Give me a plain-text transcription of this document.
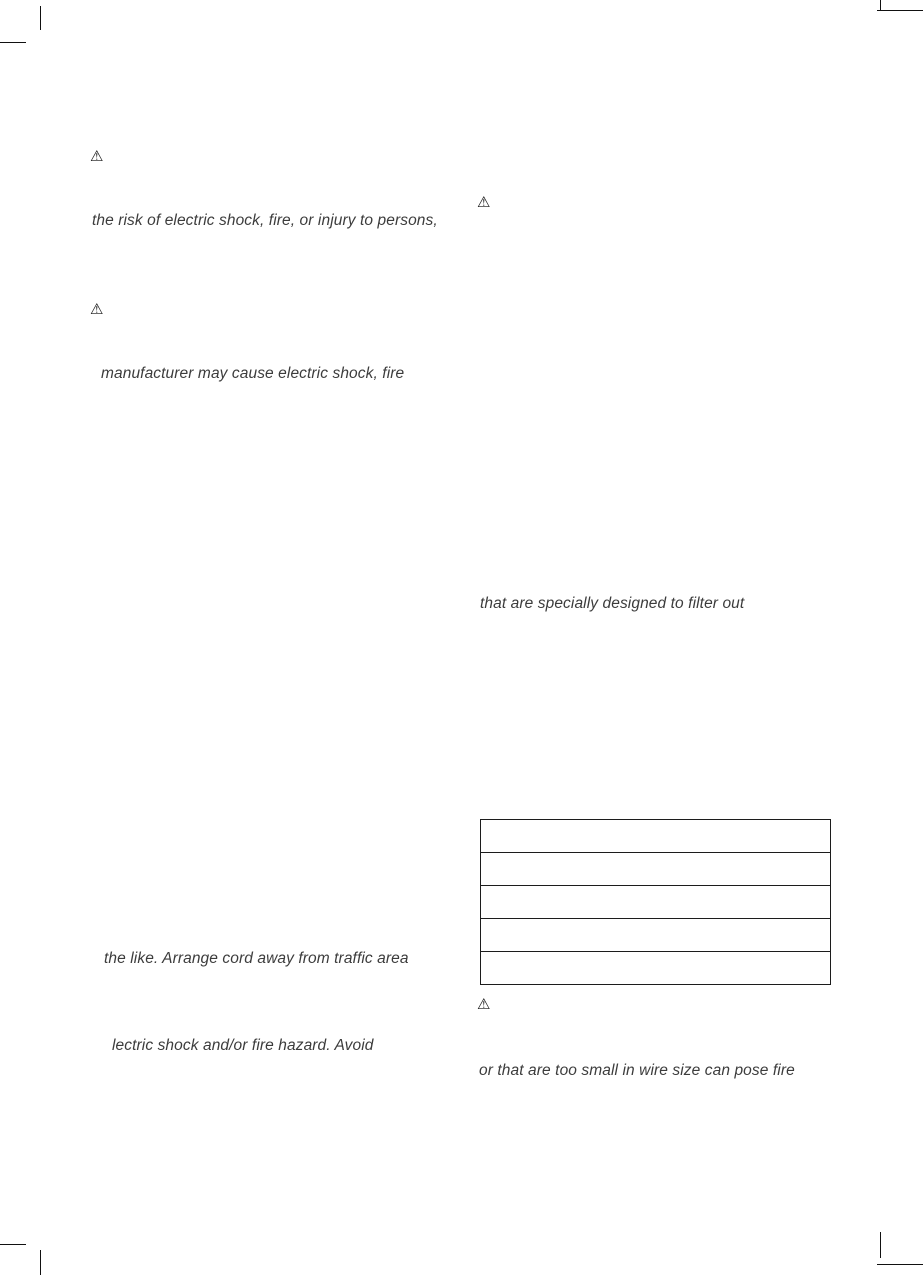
⚠
the risk of electric shock, fire, or injury to persons,
⚠
manufacturer may cause electric shock, fire
the like. Arrange cord away from traffic area
lectric shock and/or fire hazard. Avoid
⚠
that are specially designed to filter out
⚠
or that are too small in wire size can pose fire
